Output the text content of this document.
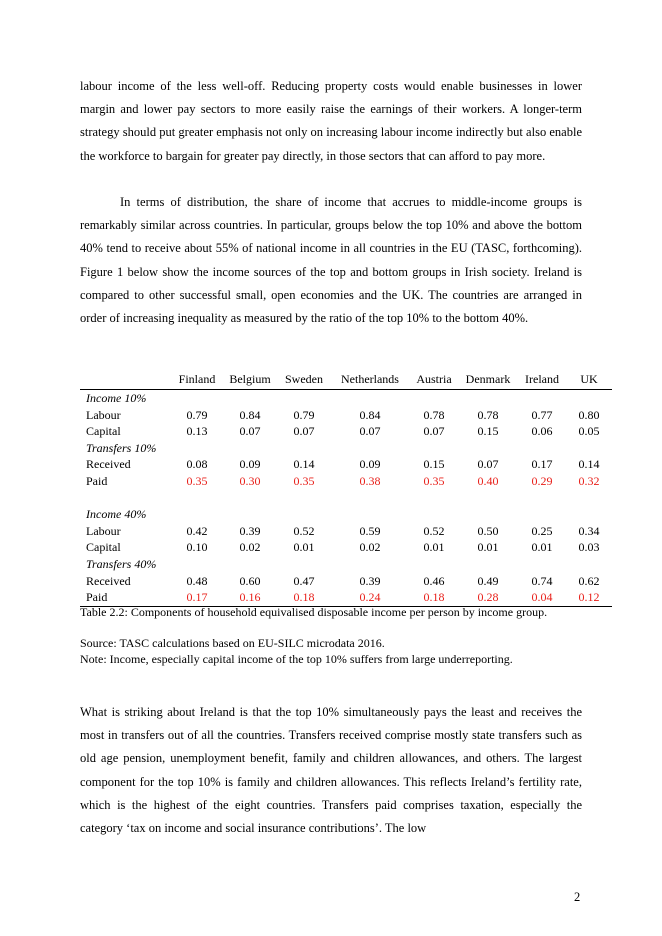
labour income of the less well-off. Reducing property costs would enable businesses in lower margin and lower pay sectors to more easily raise the earnings of their workers. A longer-term strategy should put greater emphasis not only on increasing labour income indirectly but also enable the workforce to bargain for greater pay directly, in those sectors that can afford to pay more.

In terms of distribution, the share of income that accrues to middle-income groups is remarkably similar across countries. In particular, groups below the top 10% and above the bottom 40% tend to receive about 55% of national income in all countries in the EU (TASC, forthcoming). Figure 1 below show the income sources of the top and bottom groups in Irish society. Ireland is compared to other successful small, open economies and the UK. The countries are arranged in order of increasing inequality as measured by the ratio of the top 10% to the bottom 40%.

	Finland	Belgium	Sweden	Netherlands	Austria	Denmark	Ireland	UK
Income 10%								
Labour	0.79	0.84	0.79	0.84	0.78	0.78	0.77	0.80
Capital	0.13	0.07	0.07	0.07	0.07	0.15	0.06	0.05
Transfers 10%								
Received	0.08	0.09	0.14	0.09	0.15	0.07	0.17	0.14
Paid	0.35	0.30	0.35	0.38	0.35	0.40	0.29	0.32

Income 40%								
Labour	0.42	0.39	0.52	0.59	0.52	0.50	0.25	0.34
Capital	0.10	0.02	0.01	0.02	0.01	0.01	0.01	0.03
Transfers 40%								
Received	0.48	0.60	0.47	0.39	0.46	0.49	0.74	0.62
Paid	0.17	0.16	0.18	0.24	0.18	0.28	0.04	0.12
Table 2.2: Components of household equivalised disposable income per person by income group.
Source: TASC calculations based on EU-SILC microdata 2016.
Note: Income, especially capital income of the top 10% suffers from large underreporting.

What is striking about Ireland is that the top 10% simultaneously pays the least and receives the most in transfers out of all the countries. Transfers received comprise mostly state transfers such as old age pension, unemployment benefit, family and children allowances, and others. The largest component for the top 10% is family and children allowances. This reflects Ireland’s fertility rate, which is the highest of the eight countries. Transfers paid comprises taxation, especially the category ‘tax on income and social insurance contributions’. The low

2
